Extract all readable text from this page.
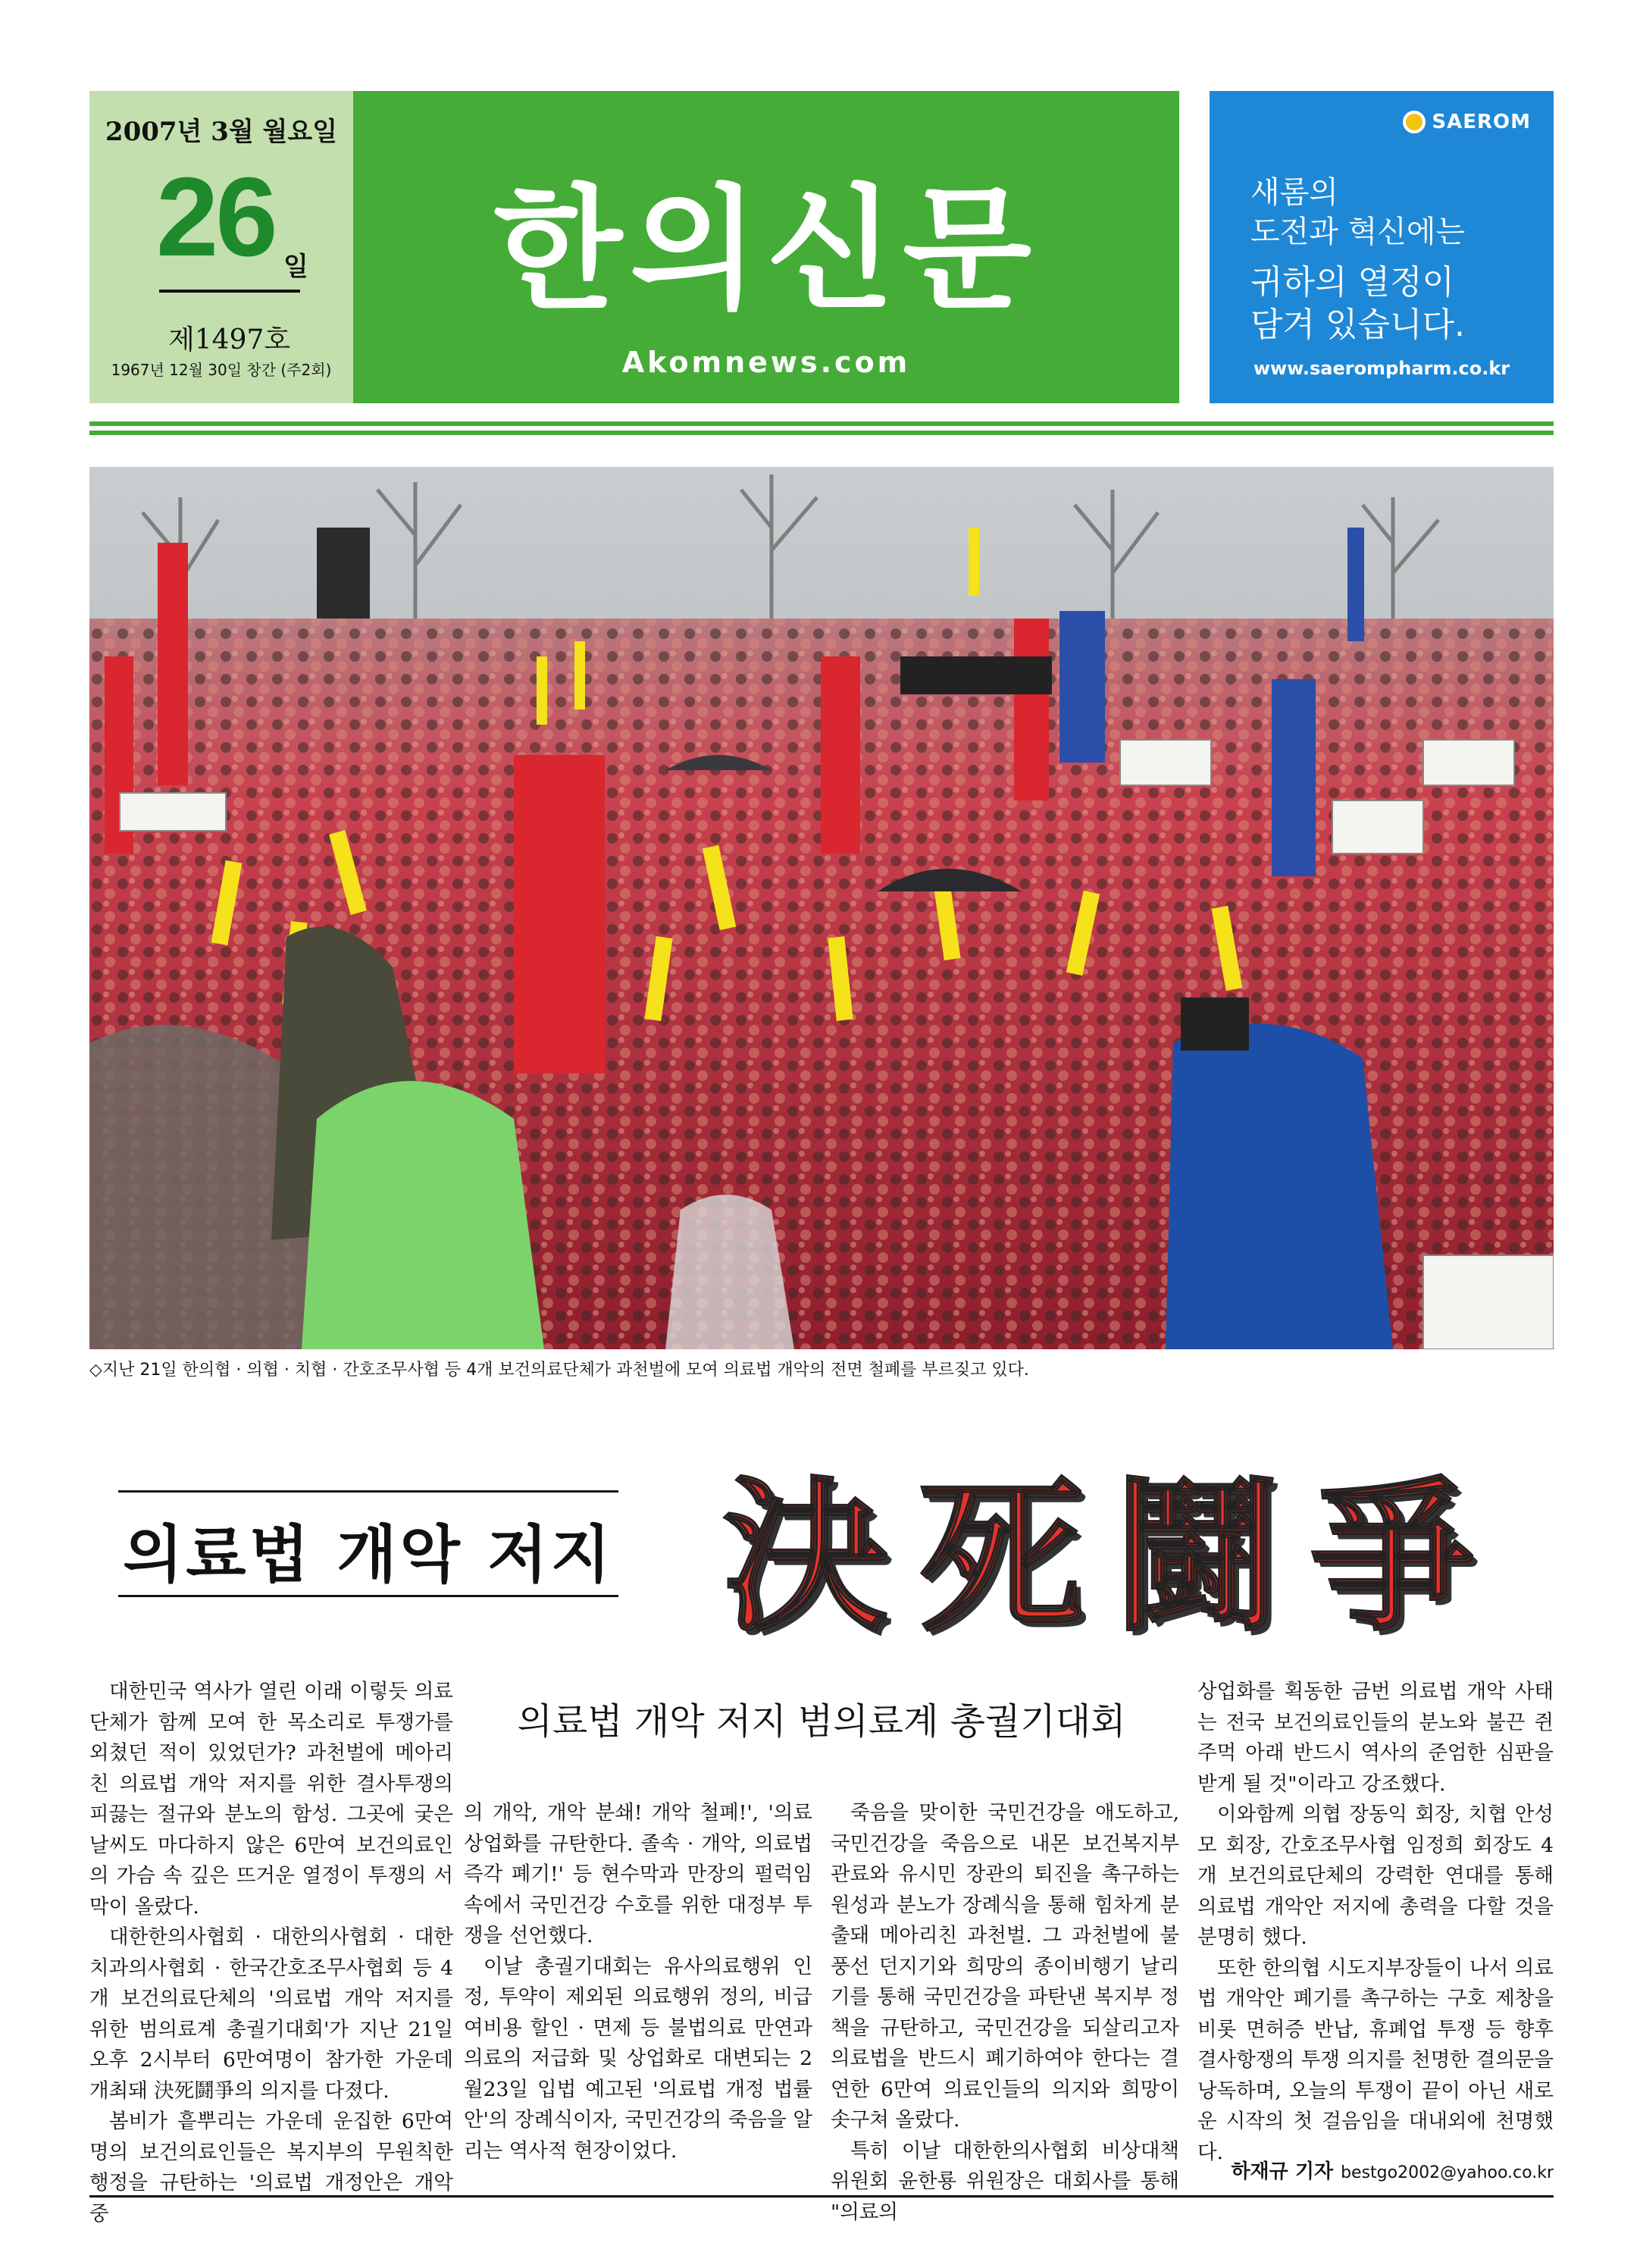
2007년 3월 월요일
26 일
제1497호
1967년 12월 30일 창간 (주2회)
한의신문
Akomnews.com
SAEROM
새롬의
도전과 혁신에는
귀하의 열정이
담겨 있습니다.
www.saerompharm.co.kr
◇지난 21일 한의협 · 의협 · 치협 · 간호조무사협 등 4개 보건의료단체가 과천벌에 모여 의료법 개악의 전면 철폐를 부르짖고 있다.
의료법 개악 저지 決死鬪爭

대한민국 역사가 열린 이래 이렇듯 의료단체가 함께 모여 한 목소리로 투쟁가를 외쳤던 적이 있었던가? 과천벌에 메아리친 의료법 개악 저지를 위한 결사투쟁의 피끓는 절규와 분노의 함성. 그곳에 궂은 날씨도 마다하지 않은 6만여 보건의료인의 가슴 속 깊은 뜨거운 열정이 투쟁의 서막이 올랐다.

대한한의사협회 · 대한의사협회 · 대한치과의사협회 · 한국간호조무사협회 등 4개 보건의료단체의 '의료법 개악 저지를 위한 범의료계 총궐기대회'가 지난 21일 오후 2시부터 6만여명이 참가한 가운데 개최돼 決死鬪爭의 의지를 다졌다.

봄비가 흩뿌리는 가운데 운집한 6만여명의 보건의료인들은 복지부의 무원칙한 행정을 규탄하는 '의료법 개정안은 개악 중

의료법 개악 저지 범의료계 총궐기대회

의 개악, 개악 분쇄! 개악 철폐!', '의료상업화를 규탄한다. 졸속 · 개악, 의료법 즉각 폐기!' 등 현수막과 만장의 펄럭임 속에서 국민건강 수호를 위한 대정부 투쟁을 선언했다.

이날 총궐기대회는 유사의료행위 인정, 투약이 제외된 의료행위 정의, 비급여비용 할인 · 면제 등 불법의료 만연과 의료의 저급화 및 상업화로 대변되는 2월23일 입법 예고된 '의료법 개정 법률안'의 장례식이자, 국민건강의 죽음을 알리는 역사적 현장이었다.

죽음을 맞이한 국민건강을 애도하고, 국민건강을 죽음으로 내몬 보건복지부 관료와 유시민 장관의 퇴진을 촉구하는 원성과 분노가 장례식을 통해 힘차게 분출돼 메아리친 과천벌. 그 과천벌에 불풍선 던지기와 희망의 종이비행기 날리기를 통해 국민건강을 파탄낸 복지부 정책을 규탄하고, 국민건강을 되살리고자 의료법을 반드시 폐기하여야 한다는 결연한 6만여 의료인들의 의지와 희망이 솟구쳐 올랐다.

특히 이날 대한한의사협회 비상대책위원회 윤한룡 위원장은 대회사를 통해 "의료의

상업화를 획동한 금번 의료법 개악 사태는 전국 보건의료인들의 분노와 불끈 쥔 주먹 아래 반드시 역사의 준엄한 심판을 받게 될 것"이라고 강조했다.

이와함께 의협 장동익 회장, 치협 안성모 회장, 간호조무사협 임정희 회장도 4개 보건의료단체의 강력한 연대를 통해 의료법 개악안 저지에 총력을 다할 것을 분명히 했다.

또한 한의협 시도지부장들이 나서 의료법 개악안 폐기를 촉구하는 구호 제창을 비롯 면허증 반납, 휴폐업 투쟁 등 향후 결사항쟁의 투쟁 의지를 천명한 결의문을 낭독하며, 오늘의 투쟁이 끝이 아닌 새로운 시작의 첫 걸음임을 대내외에 천명했다.

하재규 기자 bestgo2002@yahoo.co.kr
